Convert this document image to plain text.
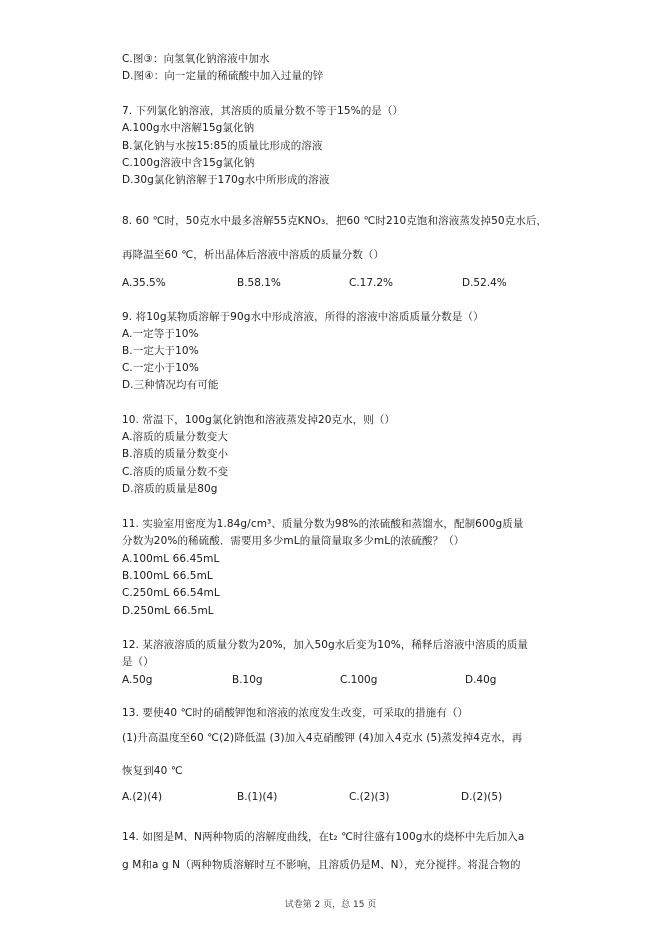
C.图③：向氢氧化钠溶液中加水
D.图④：向一定量的稀硫酸中加入过量的锌
7. 下列氯化钠溶液，其溶质的质量分数不等于15%的是（）
A.100g水中溶解15g氯化钠
B.氯化钠与水按15:85的质量比形成的溶液
C.100g溶液中含15g氯化钠
D.30g氯化钠溶解于170g水中所形成的溶液
8. 60 ℃时，50克水中最多溶解55克KNO₃．把60 ℃时210克饱和溶液蒸发掉50克水后，
再降温至60 ℃，析出晶体后溶液中溶质的质量分数（）
A.35.5%	B.58.1%	C.17.2%	D.52.4%
9. 将10g某物质溶解于90g水中形成溶液，所得的溶液中溶质质量分数是（）
A.一定等于10%
B.一定大于10%
C.一定小于10%
D.三种情况均有可能
10. 常温下，100g氯化钠饱和溶液蒸发掉20克水，则（）
A.溶质的质量分数变大
B.溶质的质量分数变小
C.溶质的质量分数不变
D.溶质的质量是80g
11. 实验室用密度为1.84g/cm³、质量分数为98%的浓硫酸和蒸馏水，配制600g质量
分数为20%的稀硫酸．需要用多少mL的量筒量取多少mL的浓硫酸？（）
A.100mL 66.45mL
B.100mL 66.5mL
C.250mL 66.54mL
D.250mL 66.5mL
12. 某溶液溶质的质量分数为20%，加入50g水后变为10%，稀释后溶液中溶质的质量
是（）
A.50g	B.10g	C.100g	D.40g
13. 要使40 ℃时的硝酸钾饱和溶液的浓度发生改变，可采取的措施有（）
(1)升高温度至60 ℃(2)降低温 (3)加入4克硝酸钾 (4)加入4克水 (5)蒸发掉4克水，再
恢复到40 ℃
A.(2)(4)	B.(1)(4)	C.(2)(3)	D.(2)(5)
14. 如图是M、N两种物质的溶解度曲线，在t₂ ℃时往盛有100g水的烧杯中先后加入a
g M和a g N（两种物质溶解时互不影响，且溶质仍是M、N），充分搅拌。将混合物的
试卷第 2 页，总 15 页
